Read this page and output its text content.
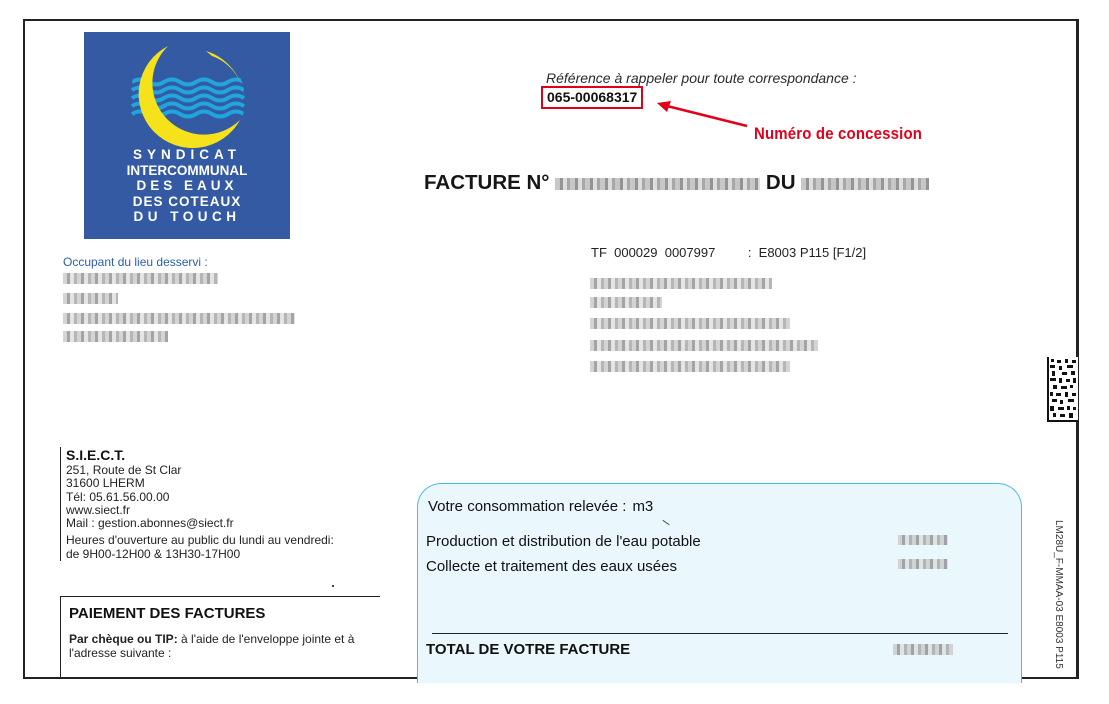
SYNDICAT
INTERCOMMUNAL
DES EAUX
DES COTEAUX
DU TOUCH
Référence à rappeler pour toute correspondance :
065-00068317
Numéro de concession
FACTURE N°	DU
Occupant du lieu desservi :
TF  000029  0007997         :  E8003 P115 [F1/2]
LM28U_F-MMAA-03 E8003 P115
S.I.E.C.T.
251, Route de St Clar
31600 LHERM
Tél: 05.61.56.00.00
www.siect.fr
Mail : gestion.abonnes@siect.fr
Heures d'ouverture au public du lundi au vendredi:
de 9H00-12H00 & 13H30-17H00
PAIEMENT DES FACTURES
Par chèque ou TIP: à l'aide de l'enveloppe jointe et à l'adresse suivante :
Votre consommation relevée : m3
Production et distribution de l'eau potable
Collecte et traitement des eaux usées
TOTAL DE VOTRE FACTURE
